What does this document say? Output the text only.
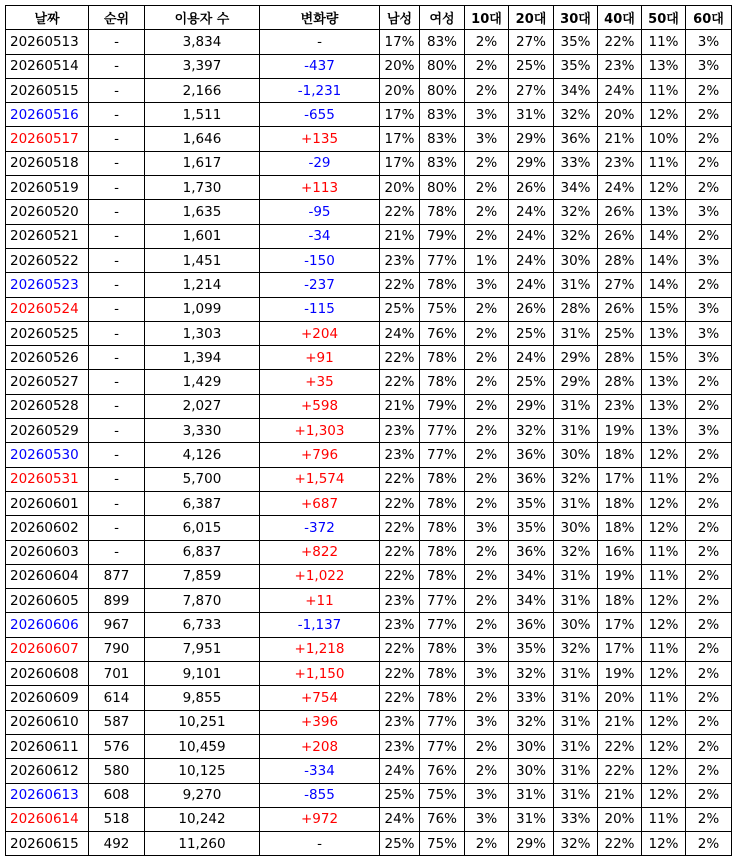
날짜	순위	이용자 수	변화량	남성	여성	10대	20대	30대	40대	50대	60대
20260513	-	3,834	-	17%	83%	2%	27%	35%	22%	11%	3%
20260514	-	3,397	-437	20%	80%	2%	25%	35%	23%	13%	3%
20260515	-	2,166	-1,231	20%	80%	2%	27%	34%	24%	11%	2%
20260516	-	1,511	-655	17%	83%	3%	31%	32%	20%	12%	2%
20260517	-	1,646	+135	17%	83%	3%	29%	36%	21%	10%	2%
20260518	-	1,617	-29	17%	83%	2%	29%	33%	23%	11%	2%
20260519	-	1,730	+113	20%	80%	2%	26%	34%	24%	12%	2%
20260520	-	1,635	-95	22%	78%	2%	24%	32%	26%	13%	3%
20260521	-	1,601	-34	21%	79%	2%	24%	32%	26%	14%	2%
20260522	-	1,451	-150	23%	77%	1%	24%	30%	28%	14%	3%
20260523	-	1,214	-237	22%	78%	3%	24%	31%	27%	14%	2%
20260524	-	1,099	-115	25%	75%	2%	26%	28%	26%	15%	3%
20260525	-	1,303	+204	24%	76%	2%	25%	31%	25%	13%	3%
20260526	-	1,394	+91	22%	78%	2%	24%	29%	28%	15%	3%
20260527	-	1,429	+35	22%	78%	2%	25%	29%	28%	13%	2%
20260528	-	2,027	+598	21%	79%	2%	29%	31%	23%	13%	2%
20260529	-	3,330	+1,303	23%	77%	2%	32%	31%	19%	13%	3%
20260530	-	4,126	+796	23%	77%	2%	36%	30%	18%	12%	2%
20260531	-	5,700	+1,574	22%	78%	2%	36%	32%	17%	11%	2%
20260601	-	6,387	+687	22%	78%	2%	35%	31%	18%	12%	2%
20260602	-	6,015	-372	22%	78%	3%	35%	30%	18%	12%	2%
20260603	-	6,837	+822	22%	78%	2%	36%	32%	16%	11%	2%
20260604	877	7,859	+1,022	22%	78%	2%	34%	31%	19%	11%	2%
20260605	899	7,870	+11	23%	77%	2%	34%	31%	18%	12%	2%
20260606	967	6,733	-1,137	23%	77%	2%	36%	30%	17%	12%	2%
20260607	790	7,951	+1,218	22%	78%	3%	35%	32%	17%	11%	2%
20260608	701	9,101	+1,150	22%	78%	3%	32%	31%	19%	12%	2%
20260609	614	9,855	+754	22%	78%	2%	33%	31%	20%	11%	2%
20260610	587	10,251	+396	23%	77%	3%	32%	31%	21%	12%	2%
20260611	576	10,459	+208	23%	77%	2%	30%	31%	22%	12%	2%
20260612	580	10,125	-334	24%	76%	2%	30%	31%	22%	12%	2%
20260613	608	9,270	-855	25%	75%	3%	31%	31%	21%	12%	2%
20260614	518	10,242	+972	24%	76%	3%	31%	33%	20%	11%	2%
20260615	492	11,260	-	25%	75%	2%	29%	32%	22%	12%	2%
